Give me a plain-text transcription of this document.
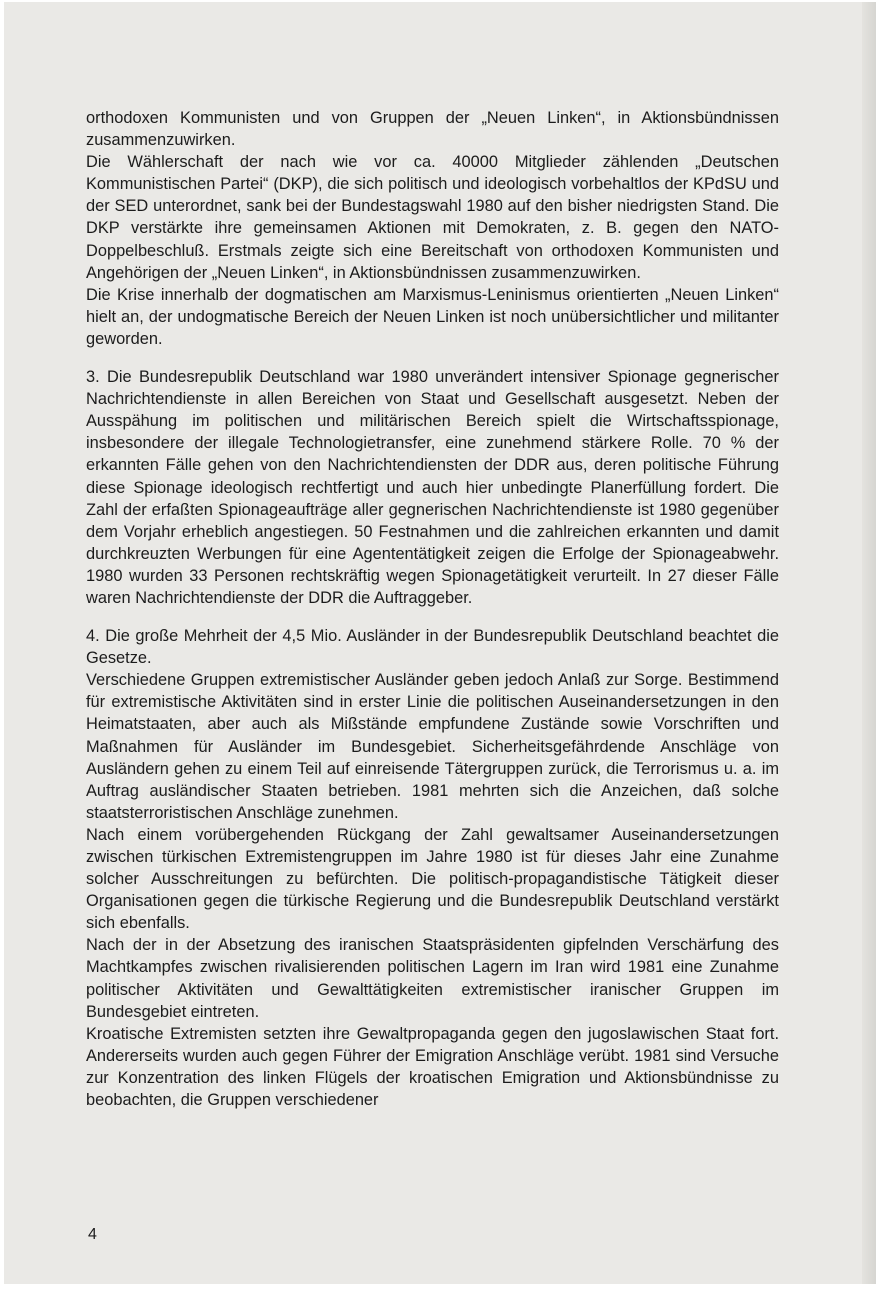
orthodoxen Kommunisten und von Gruppen der „Neuen Linken“, in Aktionsbündnissen zusammenzuwirken.

Die Wählerschaft der nach wie vor ca. 40000 Mitglieder zählenden „Deutschen Kommunistischen Partei“ (DKP), die sich politisch und ideologisch vorbehaltlos der KPdSU und der SED unterordnet, sank bei der Bundestagswahl 1980 auf den bisher niedrigsten Stand. Die DKP verstärkte ihre gemeinsamen Aktionen mit Demokraten, z. B. gegen den NATO-Doppelbeschluß. Erstmals zeigte sich eine Bereitschaft von orthodoxen Kommunisten und Angehörigen der „Neuen Linken“, in Aktionsbündnissen zusammenzuwirken.

Die Krise innerhalb der dogmatischen am Marxismus-Leninismus orientierten „Neuen Linken“ hielt an, der undogmatische Bereich der Neuen Linken ist noch unübersichtlicher und militanter geworden.

3. Die Bundesrepublik Deutschland war 1980 unverändert intensiver Spionage gegnerischer Nachrichtendienste in allen Bereichen von Staat und Gesellschaft ausgesetzt. Neben der Ausspähung im politischen und militärischen Bereich spielt die Wirtschaftsspionage, insbesondere der illegale Technologietransfer, eine zunehmend stärkere Rolle. 70 % der erkannten Fälle gehen von den Nachrichtendiensten der DDR aus, deren politische Führung diese Spionage ideologisch rechtfertigt und auch hier unbedingte Planerfüllung fordert. Die Zahl der erfaßten Spionageaufträge aller gegnerischen Nachrichtendienste ist 1980 gegenüber dem Vorjahr erheblich angestiegen. 50 Festnahmen und die zahlreichen erkannten und damit durchkreuzten Werbungen für eine Agententätigkeit zeigen die Erfolge der Spionageabwehr. 1980 wurden 33 Personen rechtskräftig wegen Spionagetätigkeit verurteilt. In 27 dieser Fälle waren Nachrichtendienste der DDR die Auftraggeber.

4. Die große Mehrheit der 4,5 Mio. Ausländer in der Bundesrepublik Deutschland beachtet die Gesetze.

Verschiedene Gruppen extremistischer Ausländer geben jedoch Anlaß zur Sorge. Bestimmend für extremistische Aktivitäten sind in erster Linie die politischen Auseinandersetzungen in den Heimatstaaten, aber auch als Mißstände empfundene Zustände sowie Vorschriften und Maßnahmen für Ausländer im Bundesgebiet. Sicherheitsgefährdende Anschläge von Ausländern gehen zu einem Teil auf einreisende Tätergruppen zurück, die Terrorismus u. a. im Auftrag ausländischer Staaten betrieben. 1981 mehrten sich die Anzeichen, daß solche staatsterroristischen Anschläge zunehmen.

Nach einem vorübergehenden Rückgang der Zahl gewaltsamer Auseinandersetzungen zwischen türkischen Extremistengruppen im Jahre 1980 ist für dieses Jahr eine Zunahme solcher Ausschreitungen zu befürchten. Die politisch-propagandistische Tätigkeit dieser Organisationen gegen die türkische Regierung und die Bundesrepublik Deutschland verstärkt sich ebenfalls.

Nach der in der Absetzung des iranischen Staatspräsidenten gipfelnden Verschärfung des Machtkampfes zwischen rivalisierenden politischen Lagern im Iran wird 1981 eine Zunahme politischer Aktivitäten und Gewalttätigkeiten extremistischer iranischer Gruppen im Bundesgebiet eintreten.

Kroatische Extremisten setzten ihre Gewaltpropaganda gegen den jugoslawischen Staat fort. Andererseits wurden auch gegen Führer der Emigration Anschläge verübt. 1981 sind Versuche zur Konzentration des linken Flügels der kroatischen Emigration und Aktionsbündnisse zu beobachten, die Gruppen verschiedener

4
